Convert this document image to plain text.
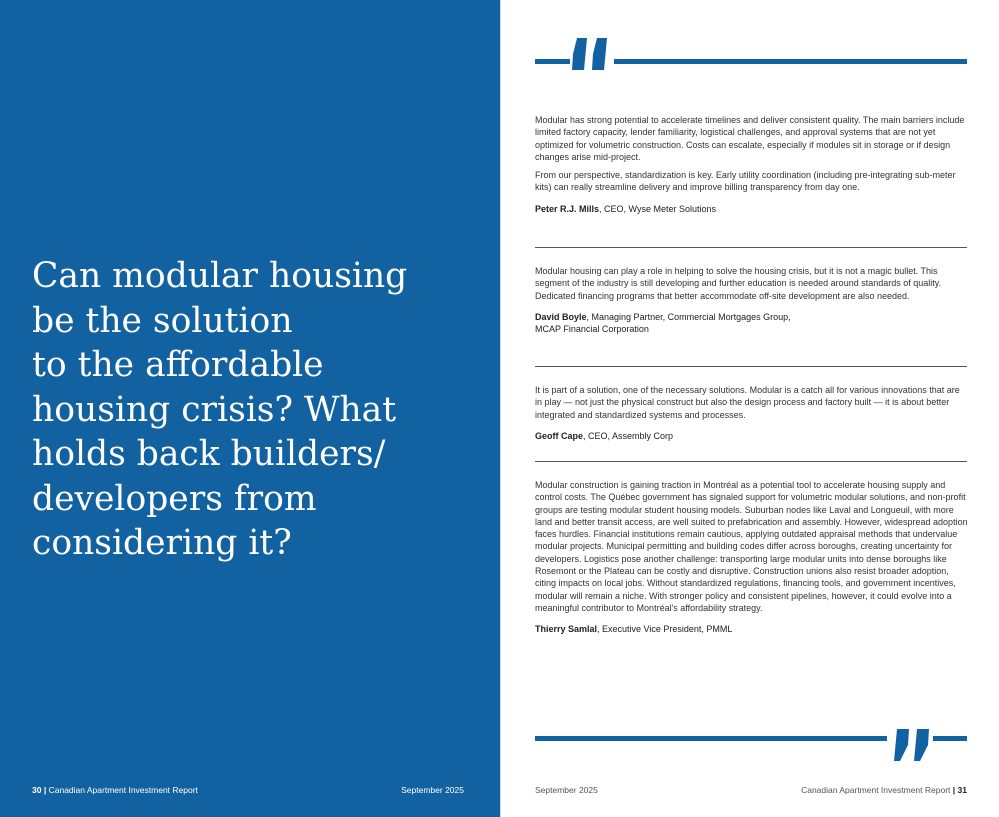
Can modular housing
be the solution
to the affordable
housing crisis? What
holds back builders/
developers from
considering it?
30 | Canadian Apartment Investment Report	September 2025

Modular has strong potential to accelerate timelines and deliver consistent quality. The main barriers include limited factory capacity, lender familiarity, logistical challenges, and approval systems that are not yet optimized for volumetric construction. Costs can escalate, especially if modules sit in storage or if design changes arise mid-project.

From our perspective, standardization is key. Early utility coordination (including pre-integrating sub-meter kits) can really streamline delivery and improve billing transparency from day one.

Peter R.J. Mills, CEO, Wyse Meter Solutions

Modular housing can play a role in helping to solve the housing crisis, but it is not a magic bullet. This segment of the industry is still developing and further education is needed around standards of quality. Dedicated financing programs that better accommodate off-site development are also needed.

David Boyle, Managing Partner, Commercial Mortgages Group,
MCAP Financial Corporation

It is part of a solution, one of the necessary solutions. Modular is a catch all for various innovations that are in play — not just the physical construct but also the design process and factory built — it is about better integrated and standardized systems and processes.

Geoff Cape, CEO, Assembly Corp

Modular construction is gaining traction in Montréal as a potential tool to accelerate housing supply and control costs. The Québec government has signaled support for volumetric modular solutions, and non-profit groups are testing modular student housing models. Suburban nodes like Laval and Longueuil, with more land and better transit access, are well suited to prefabrication and assembly. However, widespread adoption faces hurdles. Financial institutions remain cautious, applying outdated appraisal methods that undervalue modular projects. Municipal permitting and building codes differ across boroughs, creating uncertainty for developers. Logistics pose another challenge: transporting large modular units into dense boroughs like Rosemont or the Plateau can be costly and disruptive. Construction unions also resist broader adoption, citing impacts on local jobs. Without standardized regulations, financing tools, and government incentives, modular will remain a niche. With stronger policy and consistent pipelines, however, it could evolve into a meaningful contributor to Montréal's affordability strategy.

Thierry Samlal, Executive Vice President, PMML
September 2025	Canadian Apartment Investment Report | 31
